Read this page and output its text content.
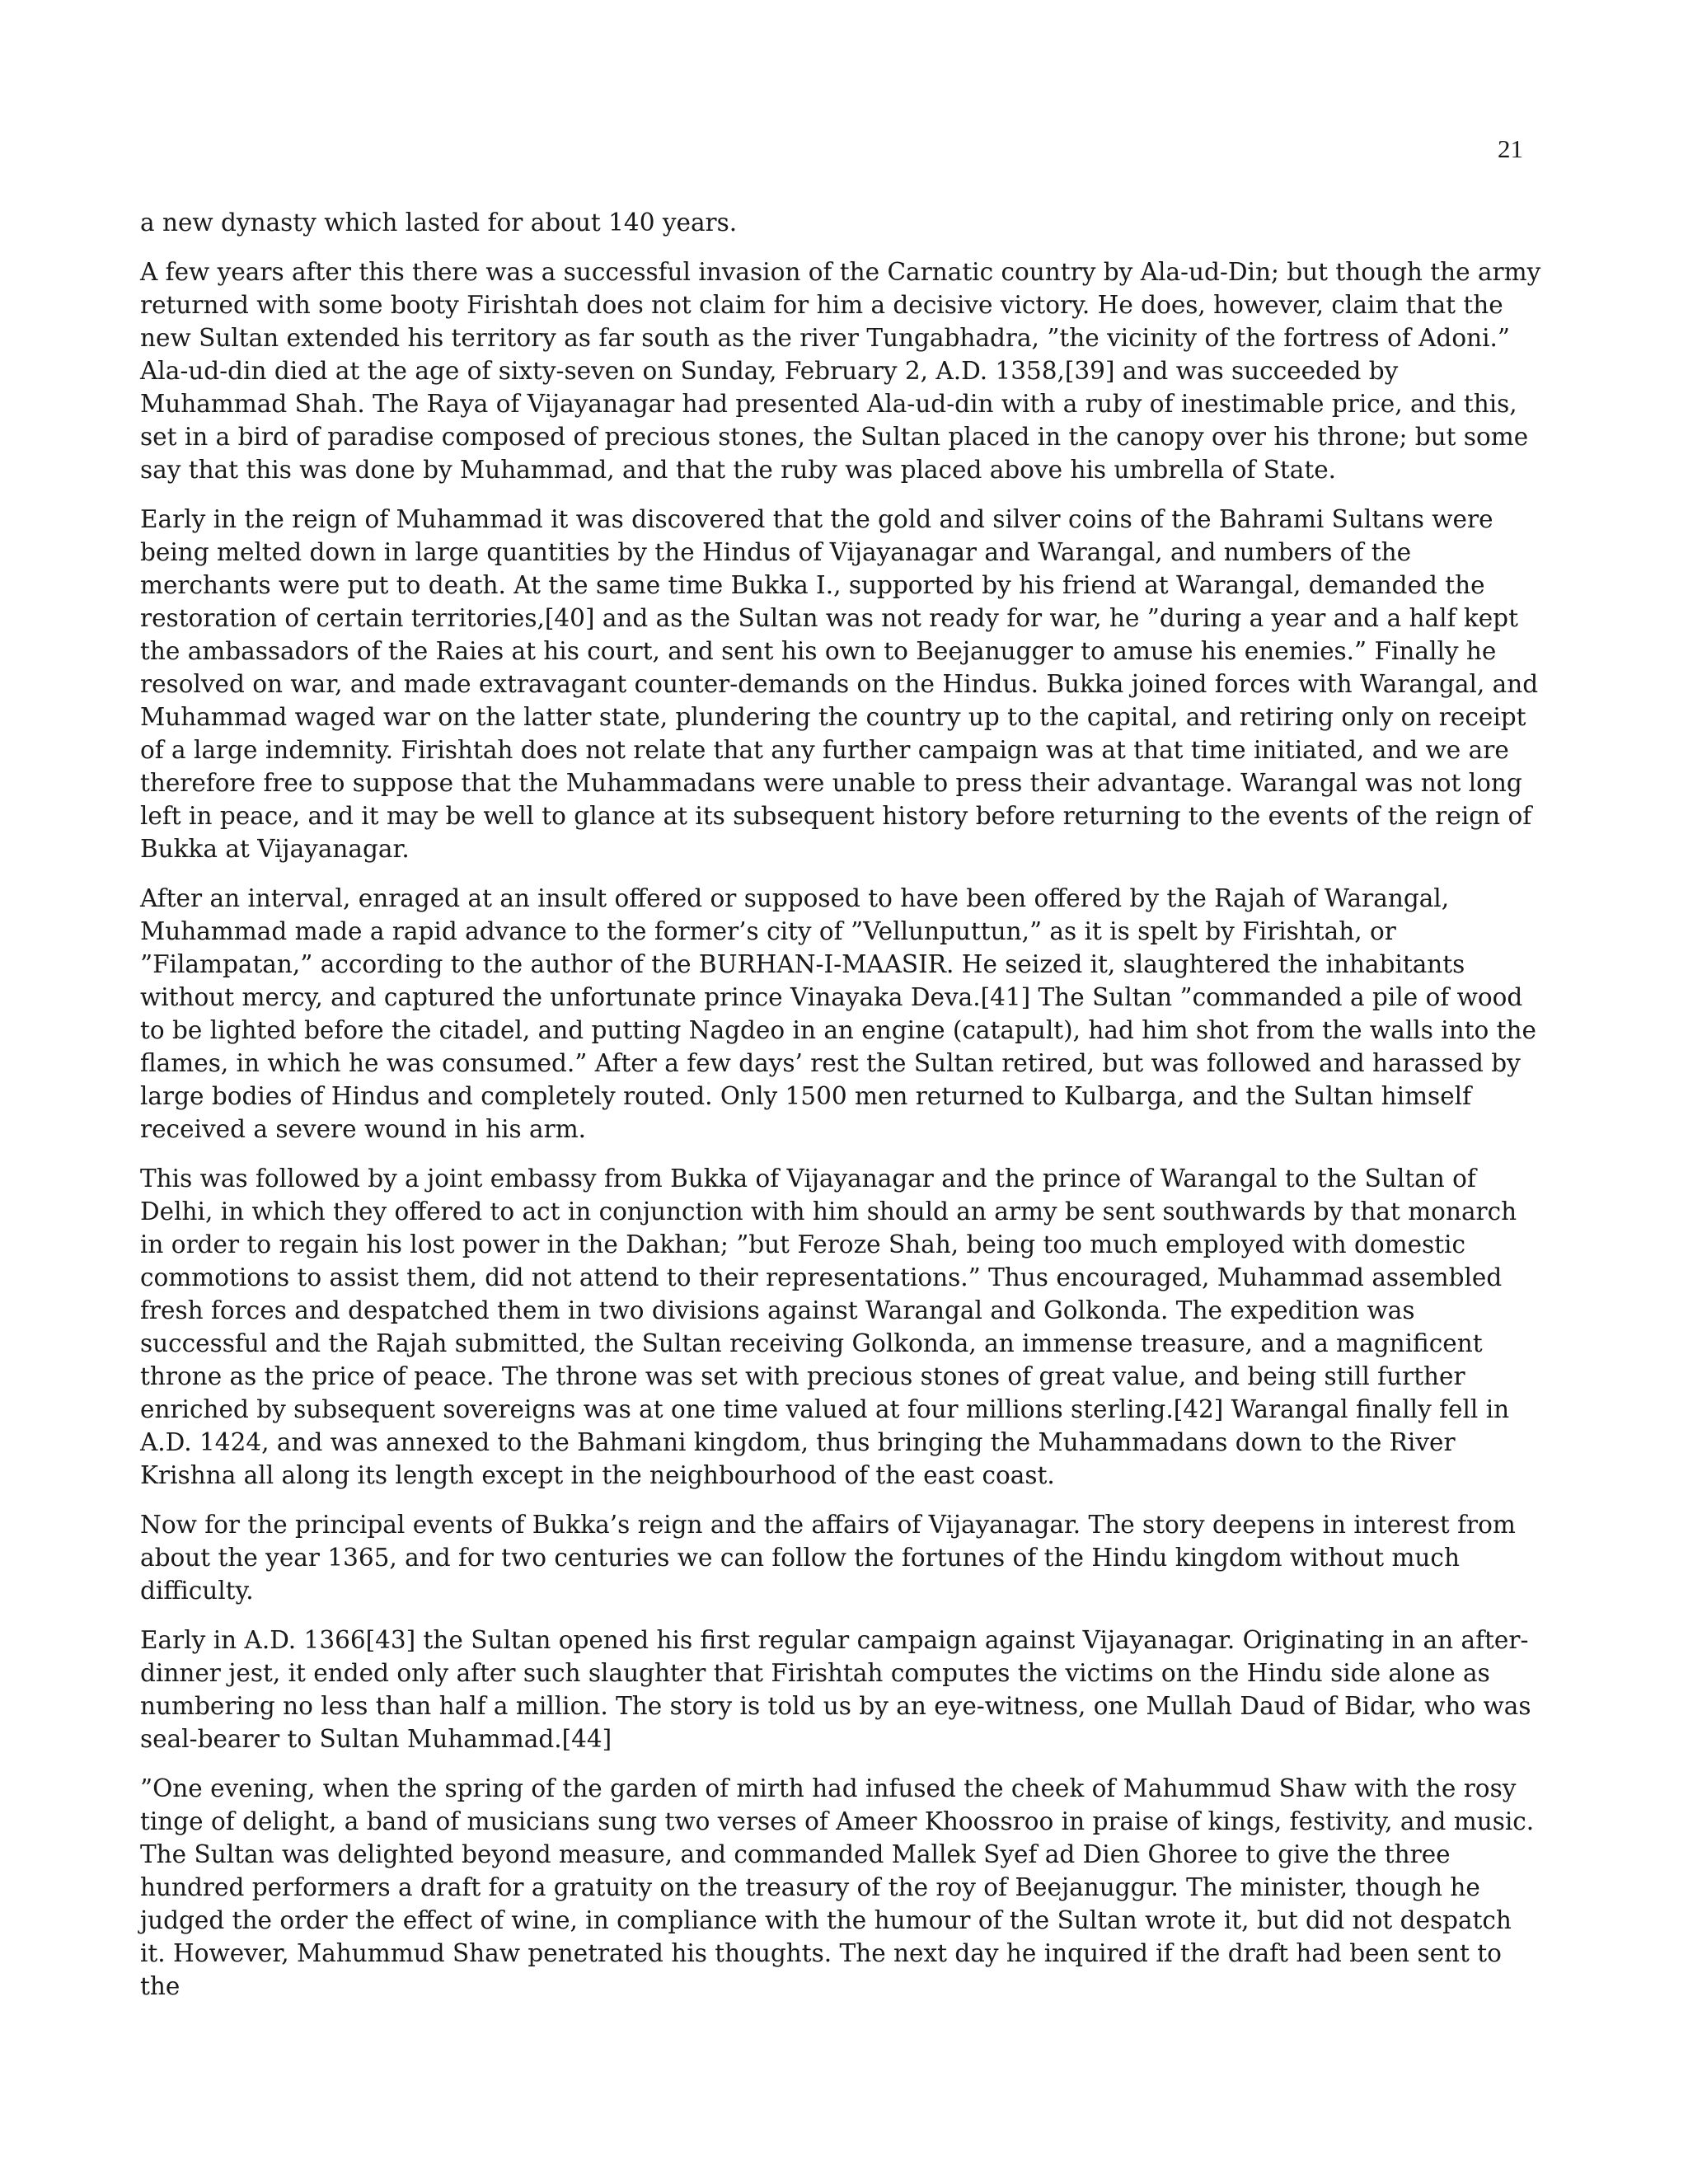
21

a new dynasty which lasted for about 140 years.

A few years after this there was a successful invasion of the Carnatic country by Ala-ud-Din; but though the army returned with some booty Firishtah does not claim for him a decisive victory. He does, however, claim that the new Sultan extended his territory as far south as the river Tungabhadra, ”the vicinity of the fortress of Adoni.” Ala-ud-din died at the age of sixty-seven on Sunday, February 2, A.D. 1358,[39] and was succeeded by Muhammad Shah. The Raya of Vijayanagar had presented Ala-ud-din with a ruby of inestimable price, and this, set in a bird of paradise composed of precious stones, the Sultan placed in the canopy over his throne; but some say that this was done by Muhammad, and that the ruby was placed above his umbrella of State.

Early in the reign of Muhammad it was discovered that the gold and silver coins of the Bahrami Sultans were being melted down in large quantities by the Hindus of Vijayanagar and Warangal, and numbers of the merchants were put to death. At the same time Bukka I., supported by his friend at Warangal, demanded the restoration of certain territories,[40] and as the Sultan was not ready for war, he ”during a year and a half kept the ambassadors of the Raies at his court, and sent his own to Beejanugger to amuse his enemies.” Finally he resolved on war, and made extravagant counter-demands on the Hindus. Bukka joined forces with Warangal, and Muhammad waged war on the latter state, plundering the country up to the capital, and retiring only on receipt of a large indemnity. Firishtah does not relate that any further campaign was at that time initiated, and we are therefore free to suppose that the Muhammadans were unable to press their advantage. Warangal was not long left in peace, and it may be well to glance at its subsequent history before returning to the events of the reign of Bukka at Vijayanagar.

After an interval, enraged at an insult offered or supposed to have been offered by the Rajah of Warangal, Muhammad made a rapid advance to the former’s city of ”Vellunputtun,” as it is spelt by Firishtah, or ”Filampatan,” according to the author of the BURHAN-I-MAASIR. He seized it, slaughtered the inhabitants without mercy, and captured the unfortunate prince Vinayaka Deva.[41] The Sultan ”commanded a pile of wood to be lighted before the citadel, and putting Nagdeo in an engine (catapult), had him shot from the walls into the flames, in which he was consumed.” After a few days’ rest the Sultan retired, but was followed and harassed by large bodies of Hindus and completely routed. Only 1500 men returned to Kulbarga, and the Sultan himself received a severe wound in his arm.

This was followed by a joint embassy from Bukka of Vijayanagar and the prince of Warangal to the Sultan of Delhi, in which they offered to act in conjunction with him should an army be sent southwards by that monarch in order to regain his lost power in the Dakhan; ”but Feroze Shah, being too much employed with domestic commotions to assist them, did not attend to their representations.” Thus encouraged, Muhammad assembled fresh forces and despatched them in two divisions against Warangal and Golkonda. The expedition was successful and the Rajah submitted, the Sultan receiving Golkonda, an immense treasure, and a magnificent throne as the price of peace. The throne was set with precious stones of great value, and being still further enriched by subsequent sovereigns was at one time valued at four millions sterling.[42] Warangal finally fell in A.D. 1424, and was annexed to the Bahmani kingdom, thus bringing the Muhammadans down to the River Krishna all along its length except in the neighbourhood of the east coast.

Now for the principal events of Bukka’s reign and the affairs of Vijayanagar. The story deepens in interest from about the year 1365, and for two centuries we can follow the fortunes of the Hindu kingdom without much difficulty.

Early in A.D. 1366[43] the Sultan opened his first regular campaign against Vijayanagar. Originating in an after-dinner jest, it ended only after such slaughter that Firishtah computes the victims on the Hindu side alone as numbering no less than half a million. The story is told us by an eye-witness, one Mullah Daud of Bidar, who was seal-bearer to Sultan Muhammad.[44]

”One evening, when the spring of the garden of mirth had infused the cheek of Mahummud Shaw with the rosy tinge of delight, a band of musicians sung two verses of Ameer Khoossroo in praise of kings, festivity, and music. The Sultan was delighted beyond measure, and commanded Mallek Syef ad Dien Ghoree to give the three hundred performers a draft for a gratuity on the treasury of the roy of Beejanuggur. The minister, though he judged the order the effect of wine, in compliance with the humour of the Sultan wrote it, but did not despatch it. However, Mahummud Shaw penetrated his thoughts. The next day he inquired if the draft had been sent to the
